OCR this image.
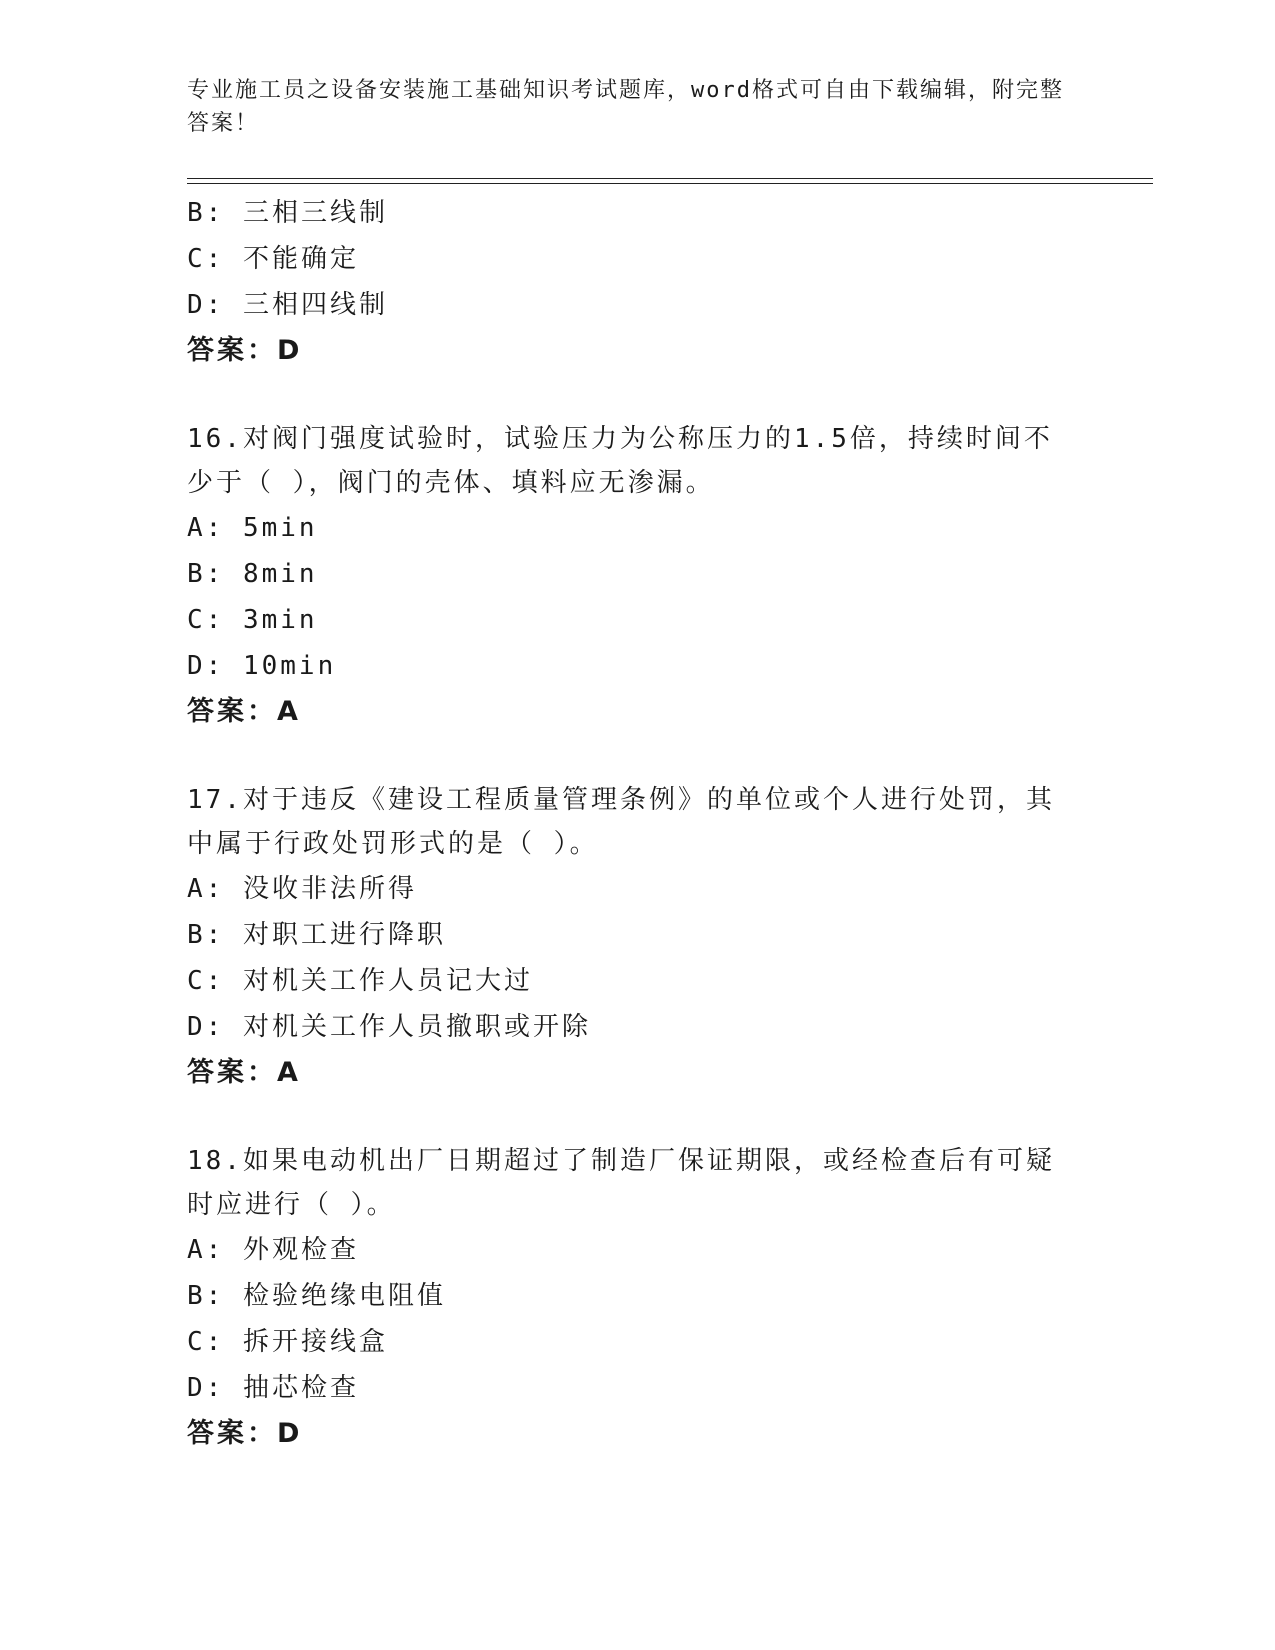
专业施工员之设备安装施工基础知识考试题库，word格式可自由下载编辑，附完整答案！
B: 三相三线制
C: 不能确定
D: 三相四线制
答案：D
16.对阀门强度试验时，试验压力为公称压力的1.5倍，持续时间不少于（ ），阀门的壳体、填料应无渗漏。
A: 5min
B: 8min
C: 3min
D: 10min
答案：A
17.对于违反《建设工程质量管理条例》的单位或个人进行处罚，其中属于行政处罚形式的是（ ）。
A: 没收非法所得
B: 对职工进行降职
C: 对机关工作人员记大过
D: 对机关工作人员撤职或开除
答案：A
18.如果电动机出厂日期超过了制造厂保证期限，或经检查后有可疑时应进行（ ）。
A: 外观检查
B: 检验绝缘电阻值
C: 拆开接线盒
D: 抽芯检查
答案：D
